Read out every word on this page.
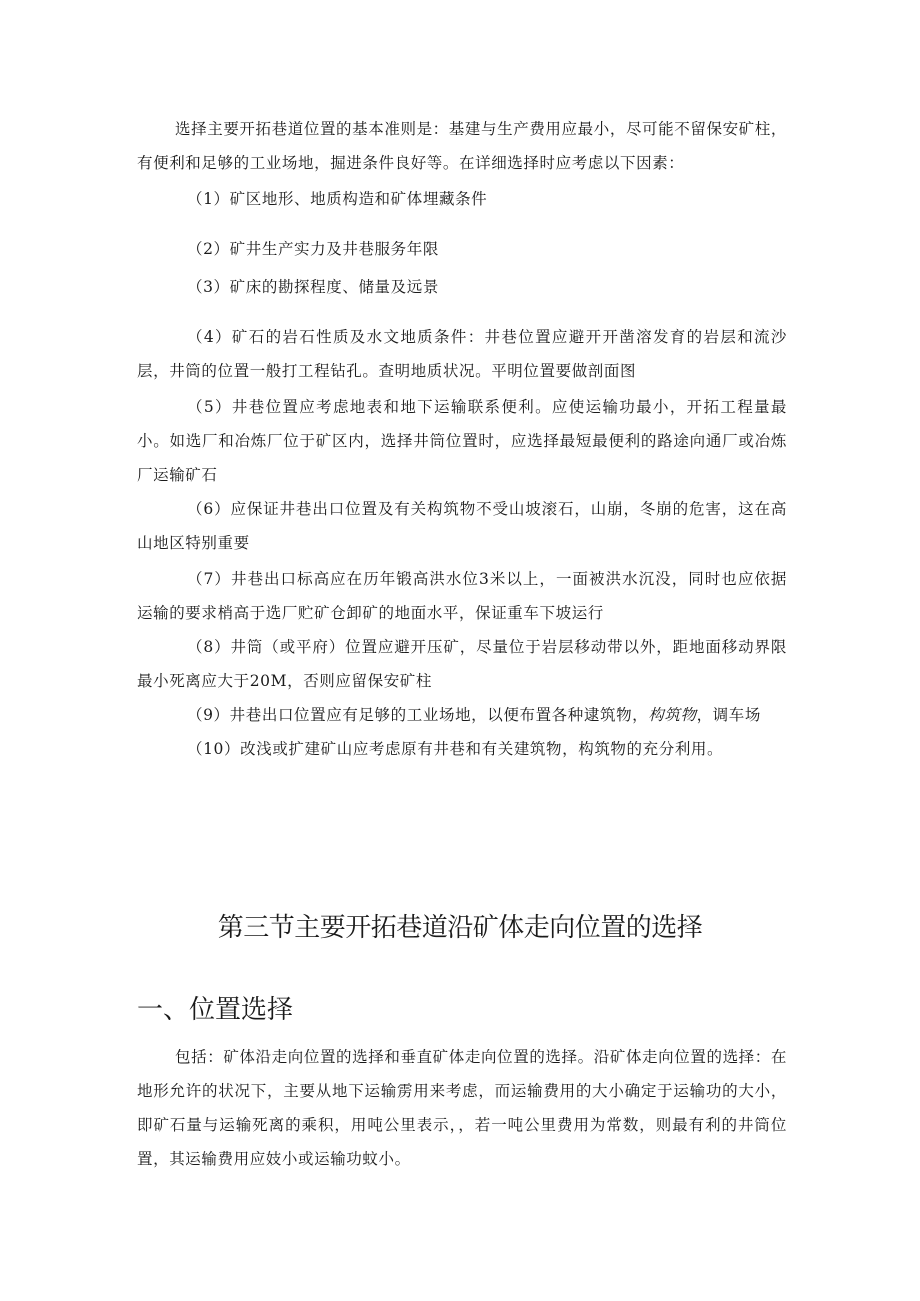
选择主要开拓巷道位置的基本准则是：基建与生产费用应最小，尽可能不留保安矿柱，有便利和足够的工业场地，掘进条件良好等。在详细选择时应考虑以下因素：

（1）矿区地形、地质构造和矿体埋藏条件

（2）矿井生产实力及井巷服务年限

（3）矿床的勘探程度、储量及远景

（4）矿石的岩石性质及水文地质条件：井巷位置应避开开凿溶发育的岩层和流沙层，井筒的位置一般打工程钻孔。查明地质状况。平明位置要做剖面图

（5）井巷位置应考虑地表和地下运输联系便利。应使运输功最小，开拓工程量最小。如选厂和冶炼厂位于矿区内，选择井筒位置时，应选择最短最便利的路途向通厂或冶炼厂运输矿石

（6）应保证井巷出口位置及有关构筑物不受山坡滚石，山崩，冬崩的危害，这在高山地区特别重要

（7）井巷出口标高应在历年锻高洪水位3米以上，一面被洪水沉没，同时也应依据运输的要求梢高于选厂贮矿仓卸矿的地面水平，保证重车下坡运行

（8）井筒（或平府）位置应避开压矿，尽量位于岩层移动带以外，距地面移动界限最小死离应大于20M，否则应留保安矿柱

（9）井巷出口位置应有足够的工业场地，以便布置各种逮筑物，构筑物，调车场

（10）改浅或扩建矿山应考虑原有井巷和有关建筑物，构筑物的充分利用。

第三节主要开拓巷道沿矿体走向位置的选择
一、位置选择

包括：矿体沿走向位置的选择和垂直矿体走向位置的选择。沿矿体走向位置的选择：在地形允许的状况下，主要从地下运输雳用来考虑，而运输费用的大小确定于运输功的大小，即矿石量与运输死离的乘积，用吨公里表示，，若一吨公里费用为常数，则最有利的井筒位置，其运输费用应妓小或运输功蚊小。
